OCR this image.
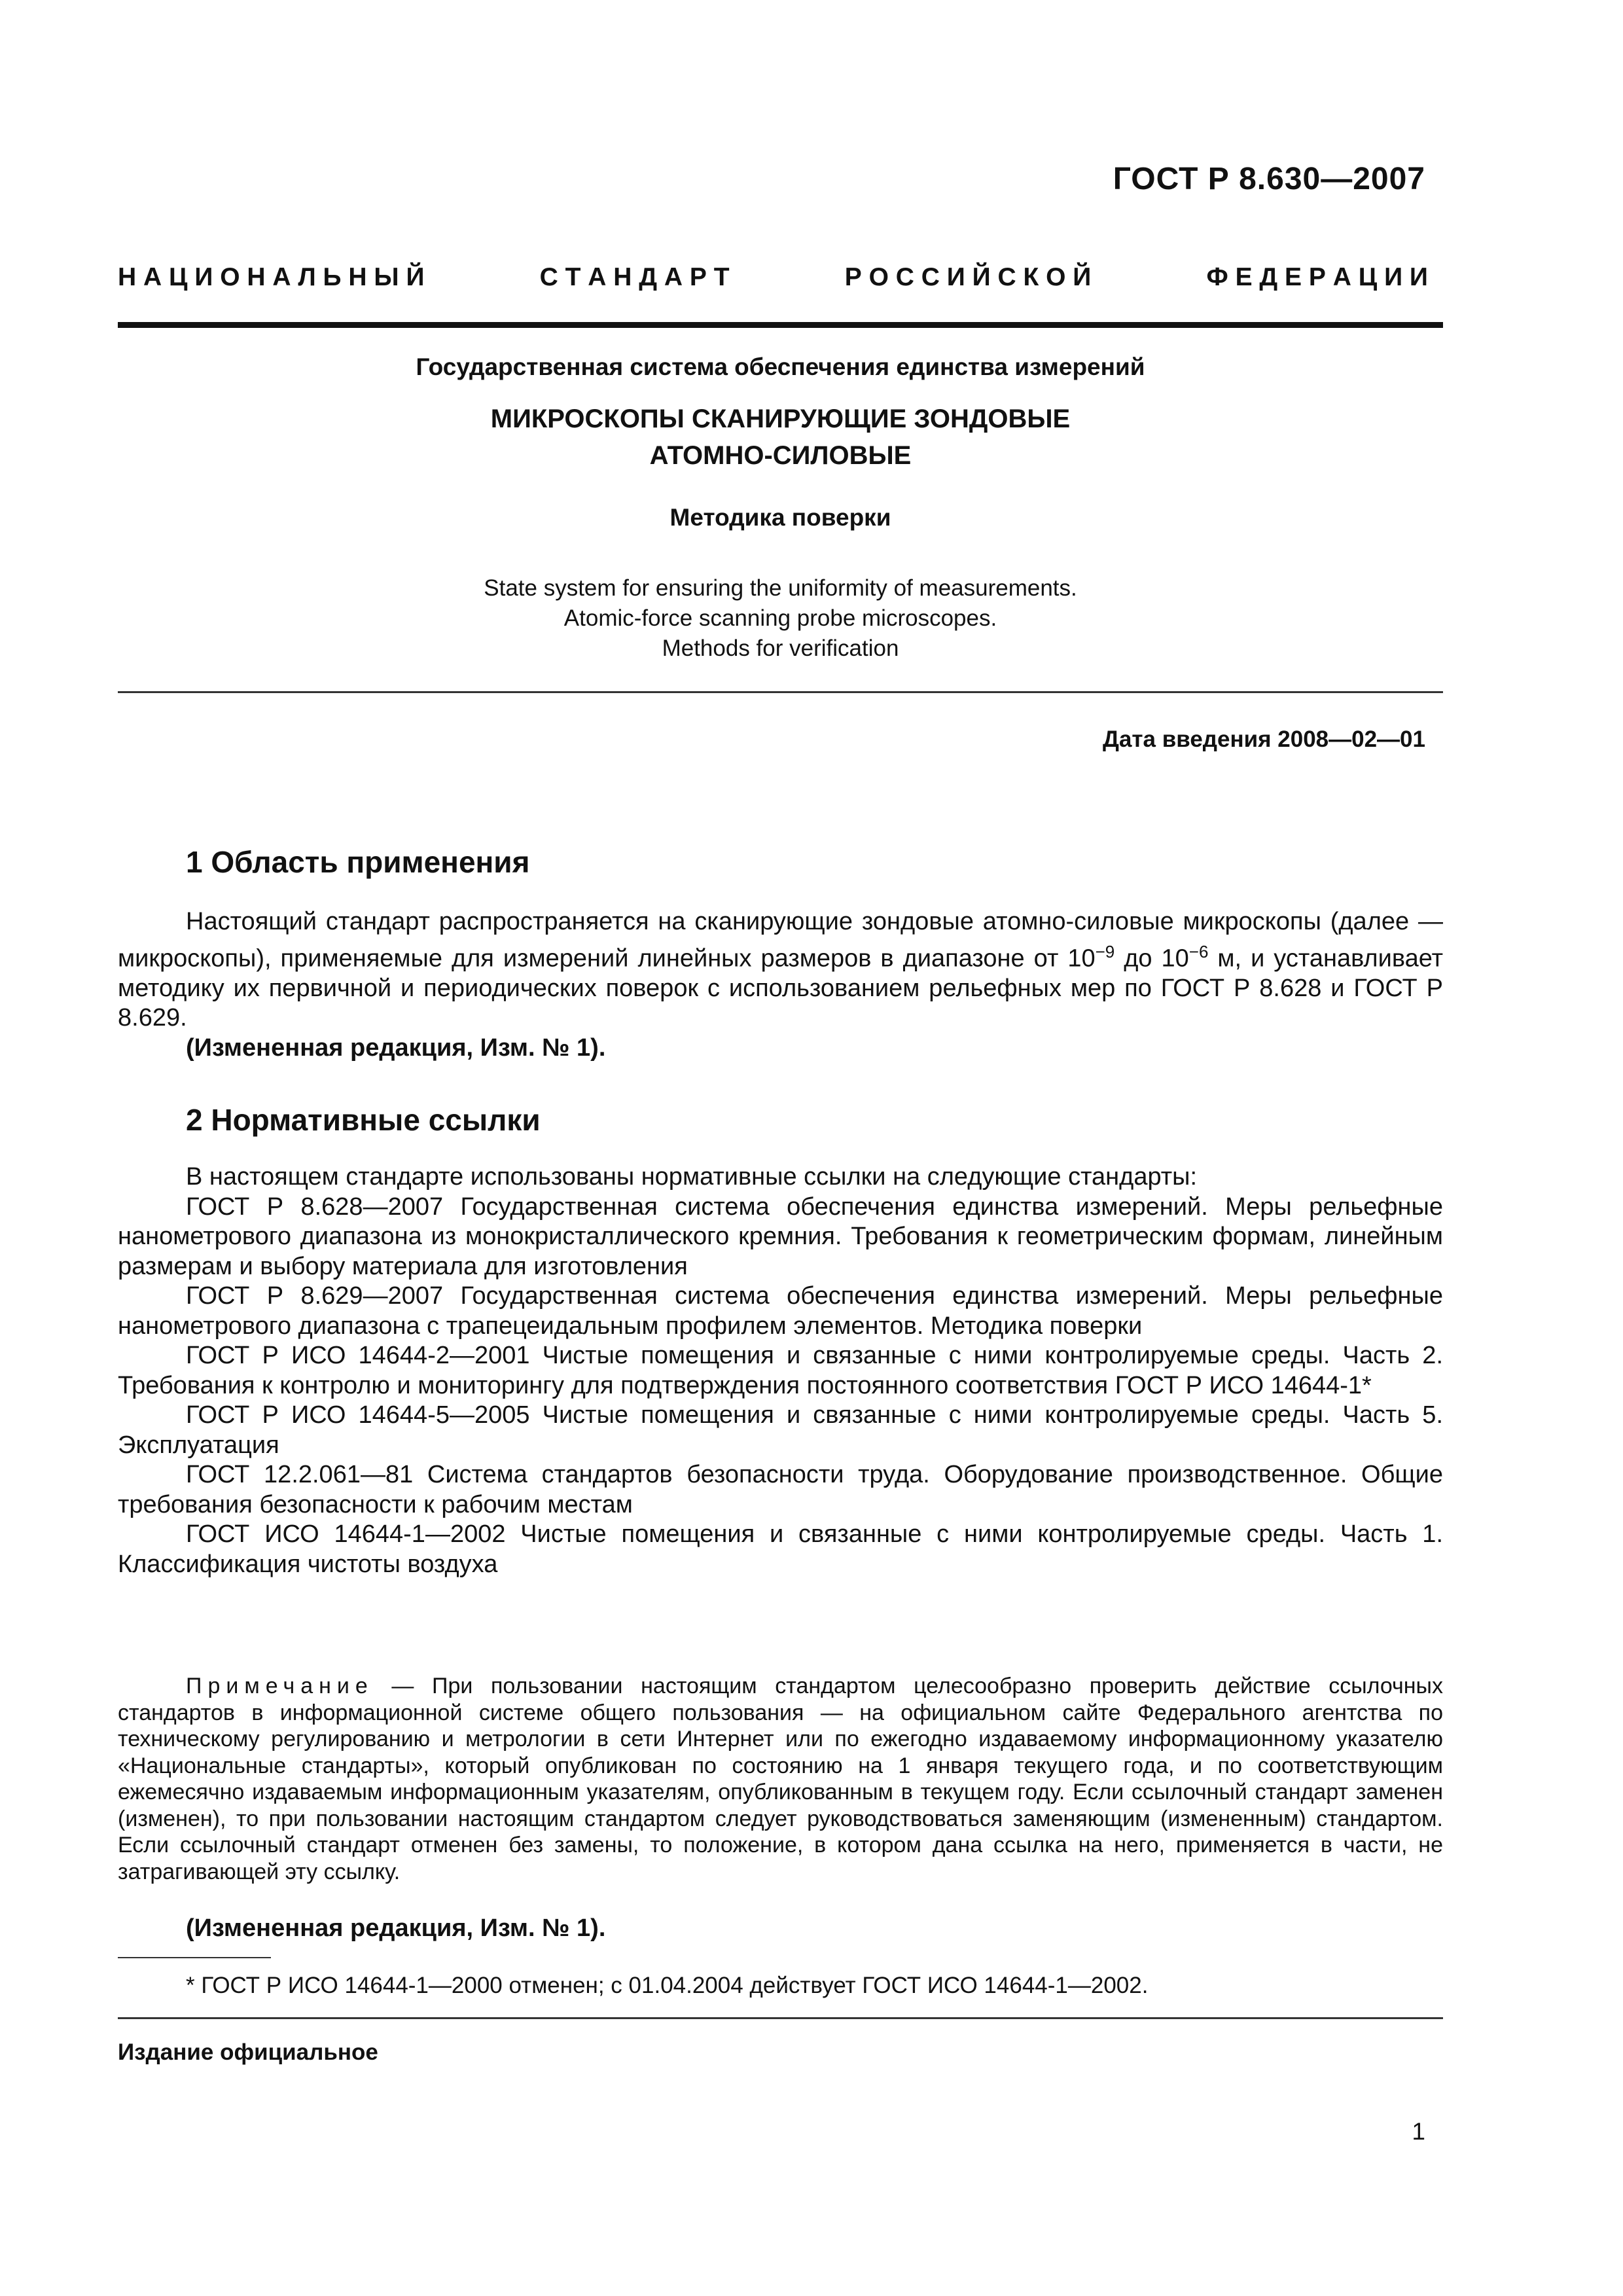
ГОСТ Р 8.630—2007
Н А Ц И О Н А Л Ь Н Ы Й	С Т А Н Д А Р Т	Р О С С И Й С К О Й	Ф Е Д Е Р А Ц И И
Государственная система обеспечения единства измерений
МИКРОСКОПЫ СКАНИРУЮЩИЕ ЗОНДОВЫЕ
АТОМНО-СИЛОВЫЕ
Методика поверки
State system for ensuring the uniformity of measurements.
Atomic-force scanning probe microscopes.
Methods for verification
Дата введения 2008—02—01
1 Область применения

Настоящий стандарт распространяется на сканирующие зондовые атомно-силовые микроскопы (далее — микроскопы), применяемые для измерений линейных размеров в диапазоне от $10^{-9}$ до $10^{-6}$ м, и устанавливает методику их первичной и периодических поверок с использованием рельефных мер по ГОСТ Р 8.628 и ГОСТ Р 8.629.

(Измененная редакция, Изм. № 1).

2 Нормативные ссылки

В настоящем стандарте использованы нормативные ссылки на следующие стандарты:

ГОСТ Р 8.628—2007 Государственная система обеспечения единства измерений. Меры рельефные нанометрового диапазона из монокристаллического кремния. Требования к геометрическим формам, линейным размерам и выбору материала для изготовления

ГОСТ Р 8.629—2007 Государственная система обеспечения единства измерений. Меры рельефные нанометрового диапазона с трапецеидальным профилем элементов. Методика поверки

ГОСТ Р ИСО 14644-2—2001 Чистые помещения и связанные с ними контролируемые среды. Часть 2. Требования к контролю и мониторингу для подтверждения постоянного соответствия ГОСТ Р ИСО 14644-1*

ГОСТ Р ИСО 14644-5—2005 Чистые помещения и связанные с ними контролируемые среды. Часть 5. Эксплуатация

ГОСТ 12.2.061—81 Система стандартов безопасности труда. Оборудование производственное. Общие требования безопасности к рабочим местам

ГОСТ ИСО 14644-1—2002 Чистые помещения и связанные с ними контролируемые среды. Часть 1. Классификация чистоты воздуха

Примечание — При пользовании настоящим стандартом целесообразно проверить действие ссылочных стандартов в информационной системе общего пользования — на официальном сайте Федерального агентства по техническому регулированию и метрологии в сети Интернет или по ежегодно издаваемому информационному указателю «Национальные стандарты», который опубликован по состоянию на 1 января текущего года, и по соответствующим ежемесячно издаваемым информационным указателям, опубликованным в текущем году. Если ссылочный стандарт заменен (изменен), то при пользовании настоящим стандартом следует руководствоваться заменяющим (измененным) стандартом. Если ссылочный стандарт отменен без замены, то положение, в котором дана ссылка на него, применяется в части, не затрагивающей эту ссылку.

(Измененная редакция, Изм. № 1).

* ГОСТ Р ИСО 14644-1—2000 отменен; с 01.04.2004 действует ГОСТ ИСО 14644-1—2002.
Издание официальное
1
